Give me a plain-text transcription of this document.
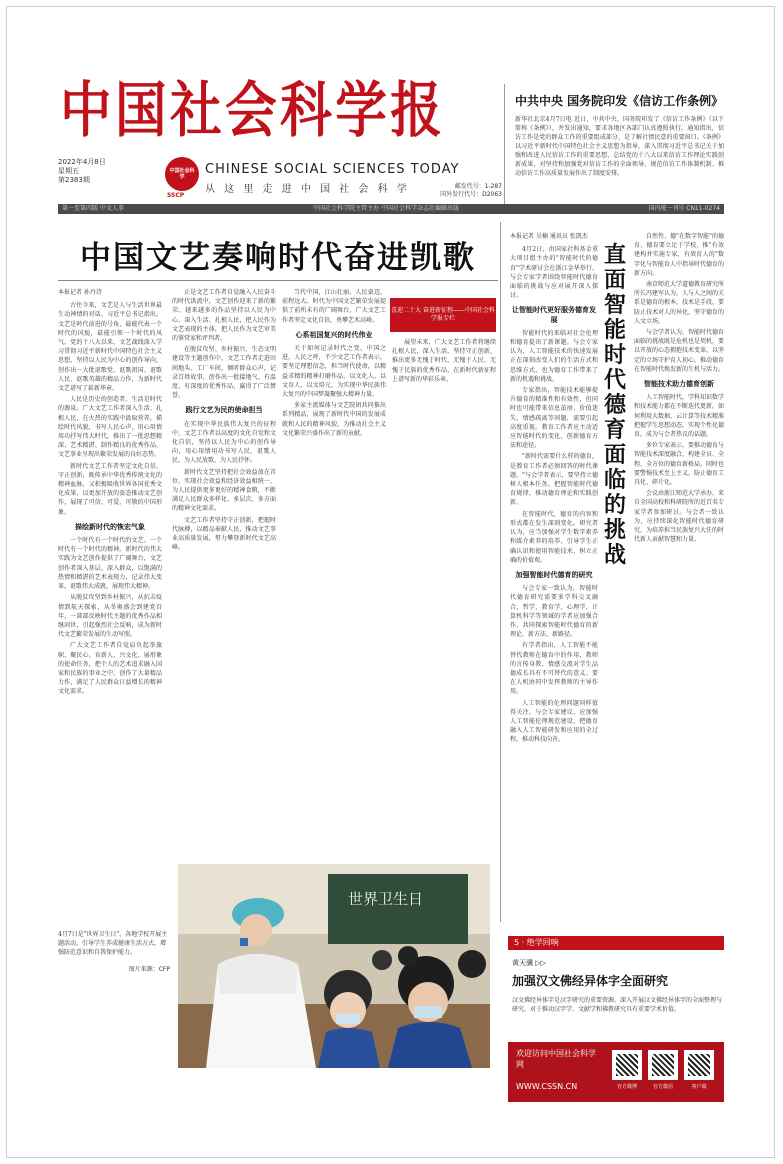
中国社会科学报
2022年4月8日
星期五
第2383期
中国社会科学
SSCP
CHINESE SOCIAL SCIENCES TODAY
从 这 里 走 进 中 国 社 会 科 学	邮发代号：1-287
国外发行代号：D2063
中共中央 国务院印发《信访工作条例》
新华社北京4月7日电 近日，中共中央、国务院印发了《信访工作条例》（以下简称《条例》），并发出通知，要求各地区各部门认真遵照执行。通知指出，信访工作是党的群众工作的重要组成部分，是了解社情民意的重要窗口。《条例》以习近平新时代中国特色社会主义思想为指导，深入贯彻习近平总书记关于加强和改进人民信访工作的重要思想，总结党的十八大以来信访工作理论实践创新成果，对坚持和加强党对信访工作的全面领导、规范信访工作体制机制、推动信访工作高质量发展作出了制度安排。
第一至第四版 中文人事	中国社会科学院主管主办 中国社会科学杂志社编辑出版	国内统一刊号 CN11-0274
中国文艺奏响时代奋进凯歌
本报记者 孙丹诗

古往今来，文艺是人与生活世界最生动神情的对话。习近平总书记指出，文艺是时代前进的号角，最能代表一个时代的风貌，最能引领一个时代的风气。党的十八大以来，文艺战线深入学习贯彻习近平新时代中国特色社会主义思想，坚持以人民为中心的创作导向，创作出一大批讴歌党、讴歌祖国、讴歌人民、讴歌英雄的精品力作，为新时代文艺谱写了崭新华章。

人民是历史的创造者。生活是时代的源泉。广大文艺工作者深入生活、扎根人民，在火热的实践中汲取营养，描绘时代风貌，书写人民心声，用心用情用功抒写伟大时代，推出了一批思想精深、艺术精湛、制作精良的优秀作品，文艺事业呈现出繁荣发展的良好态势。

新时代文艺工作者坚定文化自信，守正创新，既传承中华优秀传统文化的精神血脉，又积极吸收世界各国优秀文化成果，以更加开放的姿态推动文艺创作，展现了可信、可爱、可敬的中国形象。

描绘新时代的恢宏气象

一个时代有一个时代的文艺。一个时代有一个时代的精神。新时代的伟大实践为文艺创作提供了广阔舞台，文艺创作者深入基层、深入群众，以饱满的热情和精湛的艺术表现力，记录伟大变革，讴歌伟大成就，展现伟大精神。

从脱贫攻坚到乡村振兴，从抗击疫情到航天探索，从冬奥盛会到建党百年，一部部反映时代主题的优秀作品相继问世，引起强烈社会反响，成为新时代文艺繁荣发展的生动写照。

广大文艺工作者自觉肩负起举旗帜、聚民心、育新人、兴文化、展形象的使命任务，把个人的艺术追求融入国家和民族的事业之中，创作了大量精品力作，满足了人民群众日益增长的精神文化需求。

正是文艺工作者自觉融入人民奋斗的时代洪流中，文艺创作迎来了新的繁荣。越来越多的作品坚持以人民为中心，深入生活、扎根人民，把人民作为文艺表现的主体，把人民作为文艺审美的鉴赏家和评判者。

在脱贫攻坚、乡村振兴、生态文明建设等主题创作中，文艺工作者走进田间地头、工厂车间，倾听群众心声，记录百姓故事，创作出一批接地气、有温度、有深度的优秀作品，赢得了广泛赞誉。

践行文艺为民的使命担当

在实现中华民族伟大复兴的征程中，文艺工作者以高度的文化自觉和文化自信，坚持以人民为中心的创作导向，用心用情用功书写人民、讴歌人民，为人民放歌、为人民抒怀。

新时代文艺坚持把社会效益放在首位，实现社会效益和经济效益相统一，为人民提供更多更好的精神食粮，不断满足人民群众多样化、多层次、多方面的精神文化需求。

文艺工作者坚持守正创新，把握时代脉搏，以精品奉献人民，推动文艺事业高质量发展，努力攀登新时代文艺高峰。

当代中国，江山壮丽，人民豪迈，前程远大。时代为中国文艺繁荣发展提供了前所未有的广阔舞台。广大文艺工作者坚定文化自信，勇攀艺术高峰。

心系祖国复兴的时代伟业

关于如何记录时代之变，中国之进，人民之呼，不少文艺工作者表示，要坚定理想信念，担当时代使命，以精益求精的精神打磨作品，以文化人、以文育人、以文培元，为实现中华民族伟大复兴的中国梦凝聚强大精神力量。

多家主流媒体与文艺院团共同推出系列精品，展现了新时代中国的发展成就和人民的精神风貌，为推动社会主义文化繁荣兴盛作出了新的贡献。

喜迎二十大 奋进新征程——中国社会科学报专栏

展望未来，广大文艺工作者将继续扎根人民，深入生活，坚持守正创新，推出更多无愧于时代、无愧于人民、无愧于民族的优秀作品，在新时代新征程上谱写新的华彩乐章。

世界卫生日
4月7日是"世界卫生日"。各地学校开展主题活动，引导学生养成健康生活方式，增强防范意识和自我保护能力。
图片来源：CFP
本报记者 吴楠 通讯员 张凯杰

4月2日，由国家社科基金重大项目组主办的"智能时代的德育"学术研讨会在浙江金华举行。与会专家学者围绕智能时代德育面临的挑战与应对展开深入探讨。

让智能时代更好服务德育发展

智能时代的来临对社会伦理和德育提出了新课题。与会专家认为，人工智能技术的快速发展正在深刻改变人们的生活方式和思维方式，也为德育工作带来了新的机遇和挑战。

专家指出，智能技术能够提升德育的精准性和有效性，但同时也可能带来信息茧房、价值迷失、情感疏离等问题，需要引起高度重视。教育工作者应主动适应智能时代的变化，创新德育方法和途径。

"新时代需要什么样的德育，是教育工作者必须回答的时代课题。"与会学者表示，要坚持立德树人根本任务，把握智能时代德育规律，推动德育理论和实践创新。

在智能时代，德育的内容和形式都在发生深刻变化。研究者认为，应当加强对学生数字素养和媒介素养的培养，引导学生正确认识和使用智能技术，树立正确的价值观。

加强智能时代德育的研究

与会专家一致认为，智能时代德育研究需要多学科交叉融合，哲学、教育学、心理学、计算机科学等领域的学者应加强合作，共同探索智能时代德育的新理论、新方法、新路径。

有学者指出，人工智能不能替代教师在德育中的作用，教师的言传身教、情感交流对学生品德成长具有不可替代的意义。要在人机协同中发挥教师的主导作用。

人工智能的伦理问题同样值得关注。与会专家建议，应加强人工智能伦理规范建设，把德育融入人工智能研发和应用的全过程，推动科技向善。

直面智能时代德育面临的挑战

自然性、德"在数字智能"的德育，德育要立足于学校，推"有效建构并实施专家，有效育人的"数字化与智能育人中指导时代德育的新方向。

南京师范大学道德教育研究所所长冯建军认为，人与人之间的关系是德育的根本，技术是手段，要防止技术对人的异化，坚守德育的人文立场。

与会学者认为，智能时代德育面临的挑战既是危机也是契机，要以开放的心态拥抱技术变革，以坚定的立场守护育人初心，推动德育在智能时代焕发新的生机与活力。

智能技术助力德育创新

人工智能时代，学科知识数学和技术能力都在不断迭代更新。如何利用大数据、云计算等技术精准把握学生思想动态，实现个性化德育，成为与会者热议的话题。

多位专家表示，要推动德育与智能技术深度融合，构建全员、全程、全方位的德育新格局。同时也要警惕技术至上主义，防止德育工具化、碎片化。

会议由浙江师范大学承办，来自全国高校和科研院所的近百名专家学者参加研讨。与会者一致认为，应持续深化智能时代德育研究，为培养担当民族复兴大任的时代新人贡献智慧和力量。

5 · 绝学回响
黄天骥 ▷▷
加强汉文佛经异体字全面研究
汉文佛经异体字是汉字研究的重要资源。深入开展汉文佛经异体字的全面整理与研究，对于推动汉字学、文献学和佛教研究具有重要学术价值。
欢迎访问中国社会科学网
WWW.CSSN.CN	官方微博	官方微信	客户端
